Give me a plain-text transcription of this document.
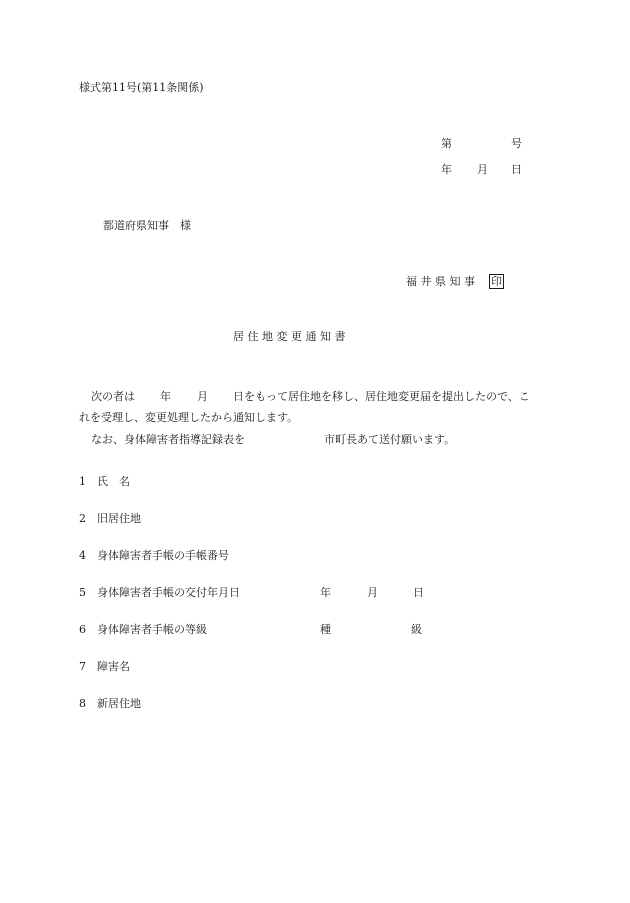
様式第11号(第11条関係)
第	号
年 月 日
都道府県知事　様
福 井 県 知 事 印
居 住 地 変 更 通 知 書
次の者は 年 月 日をもって居住地を移し、居住地変更届を提出したので、こ
れを受理し、変更処理したから通知します。
なお、身体障害者指導記録表を	市町長あて送付願います。
1 氏　名
2 旧居住地
4 身体障害者手帳の手帳番号
5 身体障害者手帳の交付年月日	年	月	日
6 身体障害者手帳の等級	種	級
7 障害名
8 新居住地
